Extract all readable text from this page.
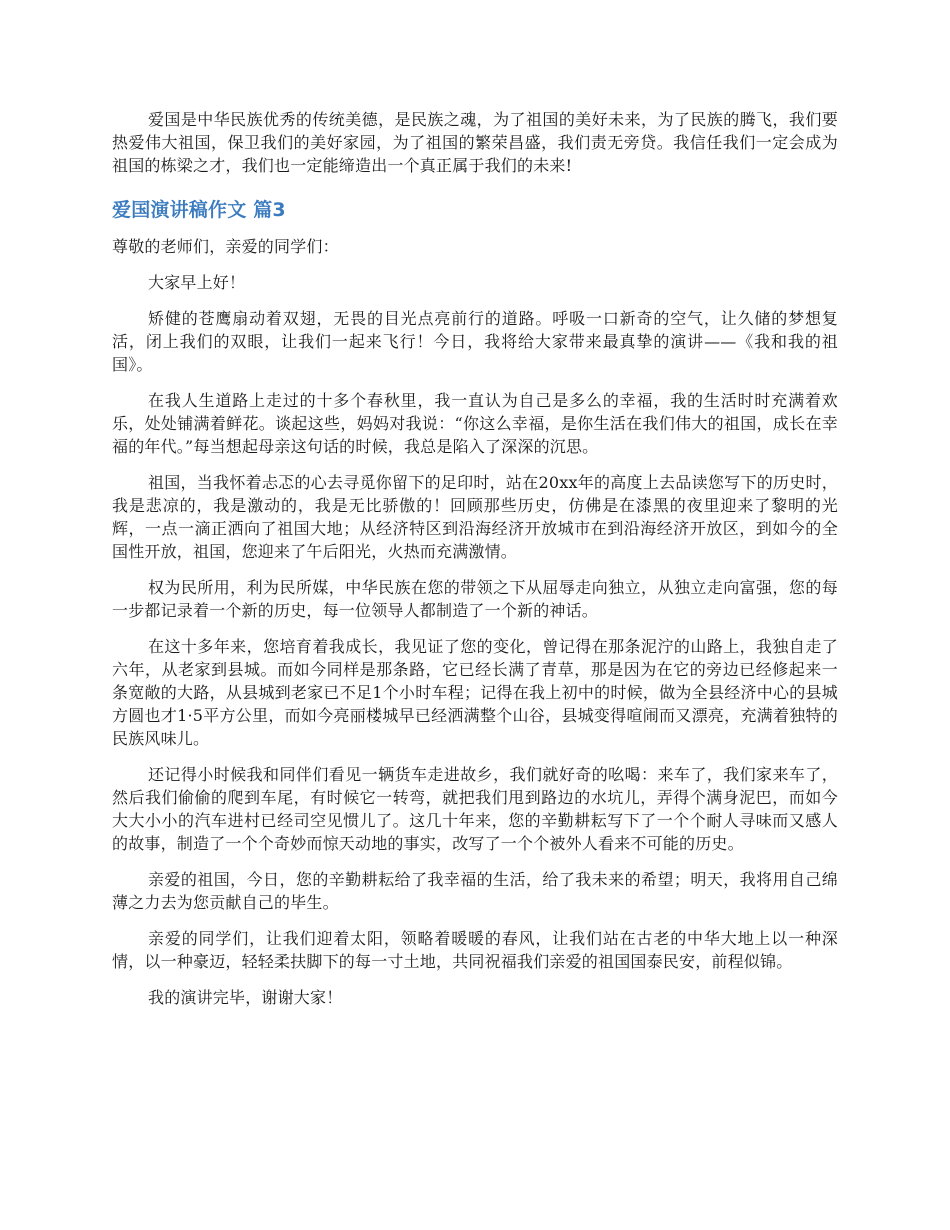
爱国是中华民族优秀的传统美德，是民族之魂，为了祖国的美好未来，为了民族的腾飞，我们要热爱伟大祖国，保卫我们的美好家园，为了祖国的繁荣昌盛，我们责无旁贷。我信任我们一定会成为祖国的栋梁之才，我们也一定能缔造出一个真正属于我们的未来!

爱国演讲稿作文 篇3

尊敬的老师们，亲爱的同学们：

大家早上好！

矫健的苍鹰扇动着双翅，无畏的目光点亮前行的道路。呼吸一口新奇的空气，让久储的梦想复活，闭上我们的双眼，让我们一起来飞行！今日，我将给大家带来最真挚的演讲——《我和我的祖国》。

在我人生道路上走过的十多个春秋里，我一直认为自己是多么的幸福，我的生活时时充满着欢乐，处处铺满着鲜花。谈起这些，妈妈对我说：“你这么幸福，是你生活在我们伟大的祖国，成长在幸福的年代。”每当想起母亲这句话的时候，我总是陷入了深深的沉思。

祖国，当我怀着忐忑的心去寻觅你留下的足印时，站在20xx年的高度上去品读您写下的历史时，我是悲凉的，我是激动的，我是无比骄傲的！回顾那些历史，仿佛是在漆黑的夜里迎来了黎明的光辉，一点一滴正洒向了祖国大地；从经济特区到沿海经济开放城市在到沿海经济开放区，到如今的全国性开放，祖国，您迎来了午后阳光，火热而充满激情。

权为民所用，利为民所媒，中华民族在您的带领之下从屈辱走向独立，从独立走向富强，您的每一步都记录着一个新的历史，每一位领导人都制造了一个新的神话。

在这十多年来，您培育着我成长，我见证了您的变化，曾记得在那条泥泞的山路上，我独自走了六年，从老家到县城。而如今同样是那条路，它已经长满了青草，那是因为在它的旁边已经修起来一条宽敞的大路，从县城到老家已不足1个小时车程；记得在我上初中的时候，做为全县经济中心的县城方圆也才1·5平方公里，而如今亮丽楼城早已经洒满整个山谷，县城变得喧闹而又漂亮，充满着独特的民族风味儿。

还记得小时候我和同伴们看见一辆货车走进故乡，我们就好奇的吆喝：来车了，我们家来车了，然后我们偷偷的爬到车尾，有时候它一转弯，就把我们甩到路边的水坑儿，弄得个满身泥巴，而如今大大小小的汽车进村已经司空见惯儿了。这几十年来，您的辛勤耕耘写下了一个个耐人寻味而又感人的故事，制造了一个个奇妙而惊天动地的事实，改写了一个个被外人看来不可能的历史。

亲爱的祖国，今日，您的辛勤耕耘给了我幸福的生活，给了我未来的希望；明天，我将用自己绵薄之力去为您贡献自己的毕生。

亲爱的同学们，让我们迎着太阳，领略着暖暖的春风，让我们站在古老的中华大地上以一种深情，以一种豪迈，轻轻柔扶脚下的每一寸土地，共同祝福我们亲爱的祖国国泰民安，前程似锦。

我的演讲完毕，谢谢大家！
